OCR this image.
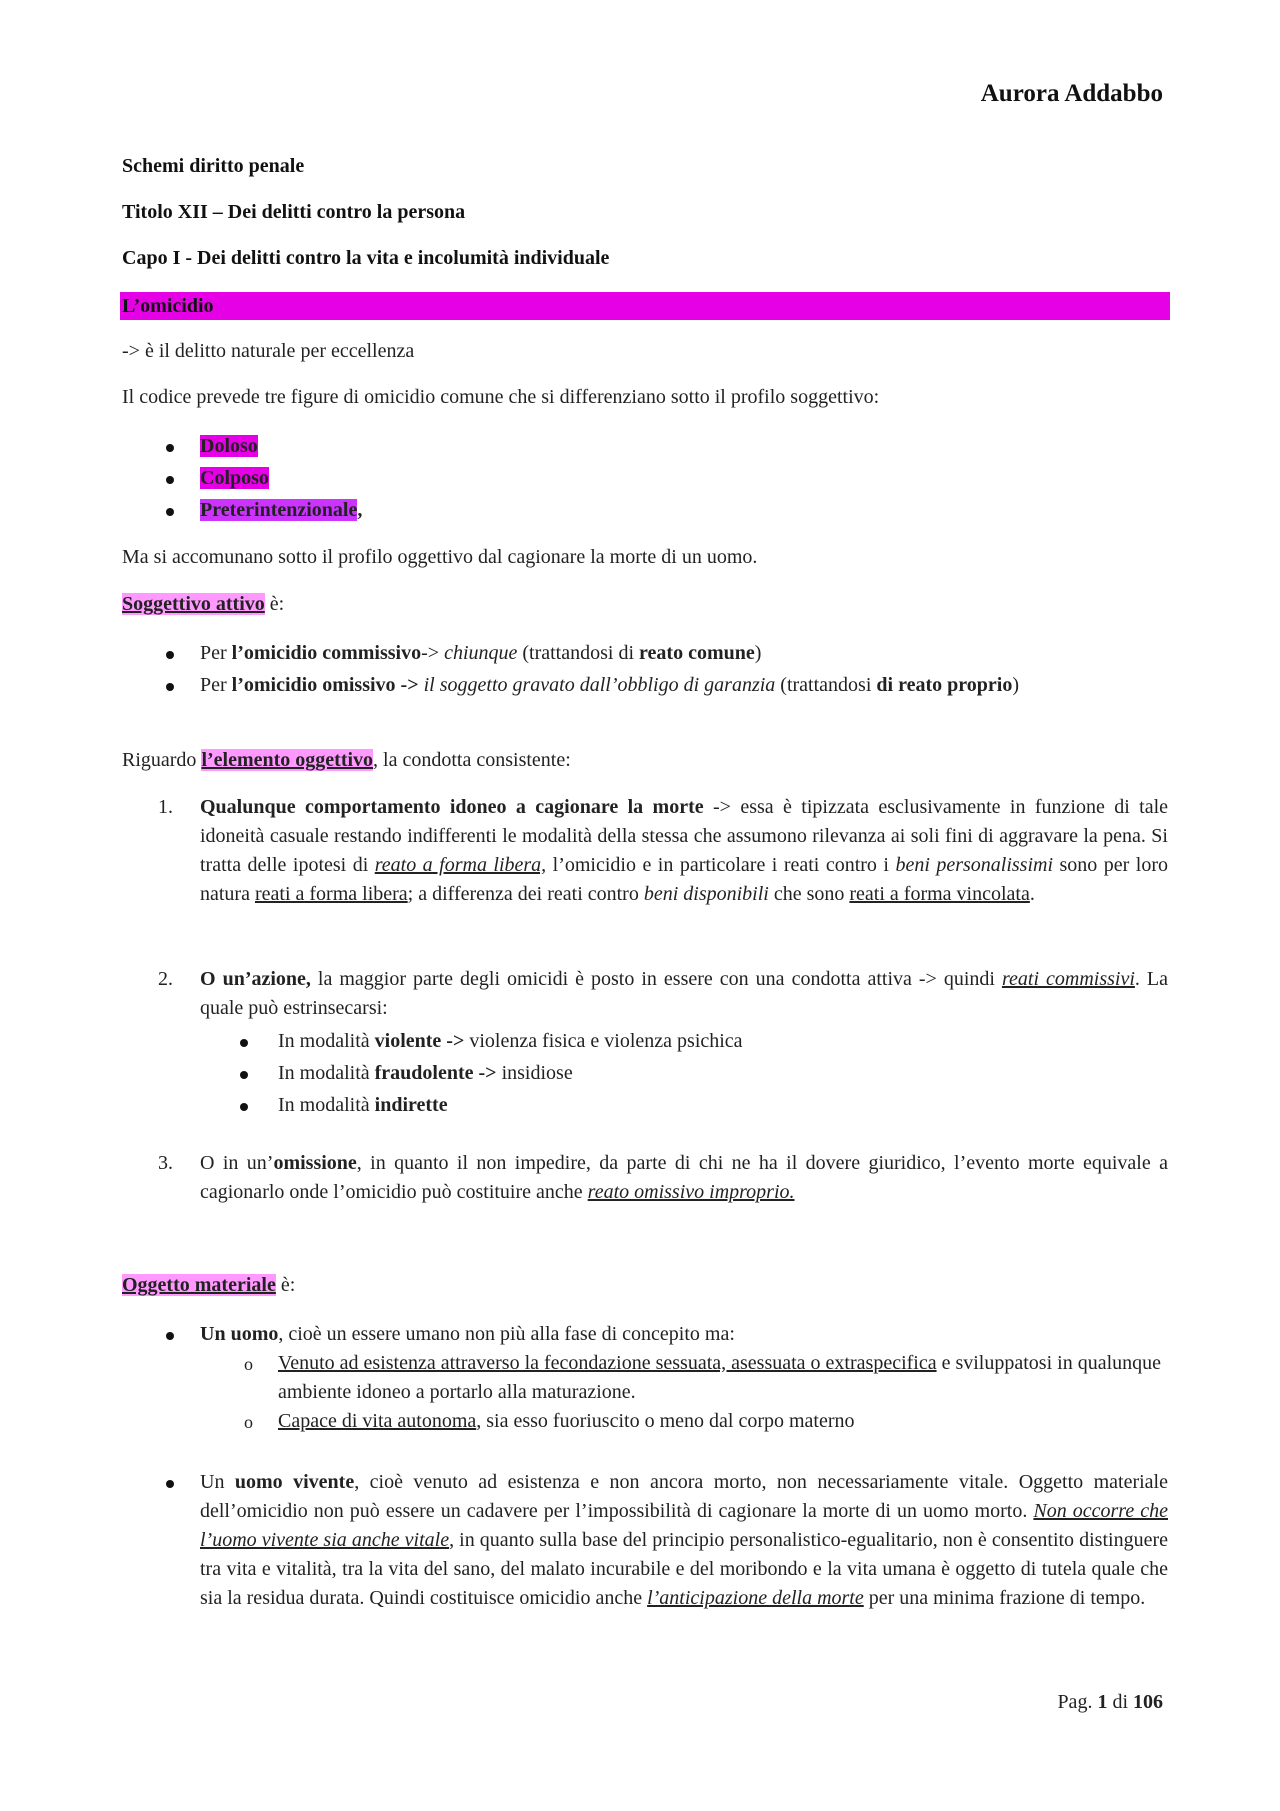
Aurora Addabbo
Schemi diritto penale
Titolo XII – Dei delitti contro la persona
Capo I - Dei delitti contro la vita e incolumità individuale
L’omicidio
-> è il delitto naturale per eccellenza
Il codice prevede tre figure di omicidio comune che si differenziano sotto il profilo soggettivo:
Doloso
Colposo
Preterintenzionale,
Ma si accomunano sotto il profilo oggettivo dal cagionare la morte di un uomo.
Soggettivo attivo è:
Per l’omicidio commissivo-> chiunque (trattandosi di reato comune)
Per l’omicidio omissivo -> il soggetto gravato dall’obbligo di garanzia (trattandosi di reato proprio)
Riguardo l’elemento oggettivo, la condotta consistente:
1. Qualunque comportamento idoneo a cagionare la morte -> essa è tipizzata esclusivamente in funzione di tale idoneità casuale restando indifferenti le modalità della stessa che assumono rilevanza ai soli fini di aggravare la pena. Si tratta delle ipotesi di reato a forma libera, l’omicidio e in particolare i reati contro i beni personalissimi sono per loro natura reati a forma libera; a differenza dei reati contro beni disponibili che sono reati a forma vincolata.
2. O un’azione, la maggior parte degli omicidi è posto in essere con una condotta attiva -> quindi reati commissivi. La quale può estrinsecarsi:
In modalità violente -> violenza fisica e violenza psichica
In modalità fraudolente -> insidiose
In modalità indirette
3. O in un’omissione, in quanto il non impedire, da parte di chi ne ha il dovere giuridico, l’evento morte equivale a cagionarlo onde l’omicidio può costituire anche reato omissivo improprio.
Oggetto materiale è:
Un uomo, cioè un essere umano non più alla fase di concepito ma:
o Venuto ad esistenza attraverso la fecondazione sessuata, asessuata o extraspecifica e sviluppatosi in qualunque ambiente idoneo a portarlo alla maturazione.
o Capace di vita autonoma, sia esso fuoriuscito o meno dal corpo materno
Un uomo vivente, cioè venuto ad esistenza e non ancora morto, non necessariamente vitale. Oggetto materiale dell’omicidio non può essere un cadavere per l’impossibilità di cagionare la morte di un uomo morto. Non occorre che l’uomo vivente sia anche vitale, in quanto sulla base del principio personalistico-egualitario, non è consentito distinguere tra vita e vitalità, tra la vita del sano, del malato incurabile e del moribondo e la vita umana è oggetto di tutela quale che sia la residua durata. Quindi costituisce omicidio anche l’anticipazione della morte per una minima frazione di tempo.
Pag. 1 di 106
